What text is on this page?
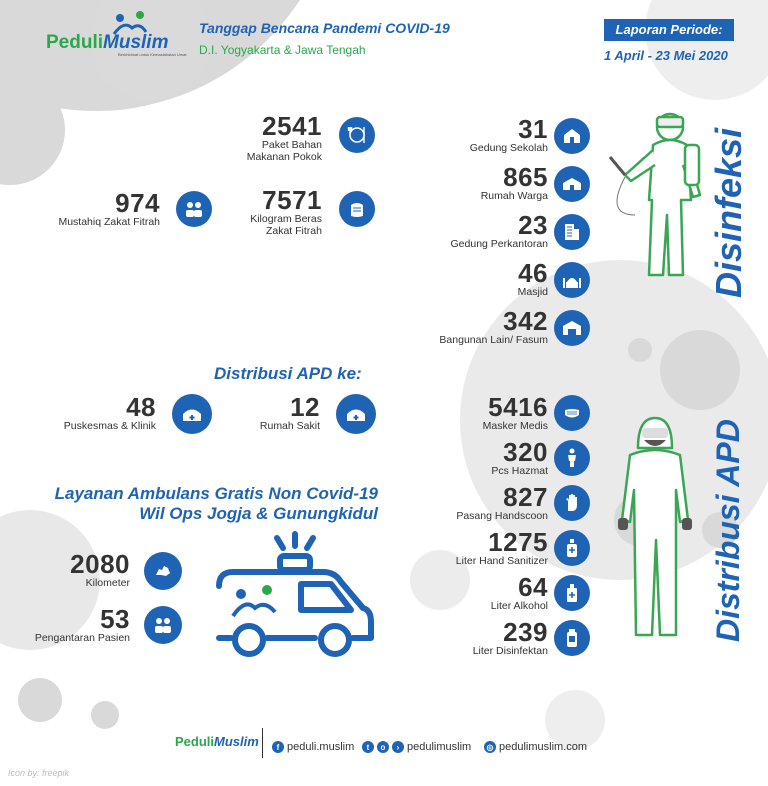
PeduliMuslim
Berkhidmat untuk Kemaslahatan Umat
Tanggap Bencana Pandemi COVID-19
D.I. Yogyakarta & Jawa Tengah
Laporan Periode:
1 April - 23 Mei 2020
2541
Paket Bahan
Makanan Pokok
974
Mustahiq Zakat Fitrah
7571
Kilogram Beras
Zakat Fitrah
31
Gedung Sekolah
865
Rumah Warga
23
Gedung Perkantoran
46
Masjid
342
Bangunan Lain/ Fasum
Disinfeksi
Distribusi APD ke:
48
Puskesmas & Klinik
12
Rumah Sakit
5416
Masker Medis
320
Pcs Hazmat
827
Pasang Handscoon
1275
Liter Hand Sanitizer
64
Liter Alkohol
239
Liter Disinfektan
Distribusi APD
Layanan Ambulans Gratis Non Covid-19
Wil Ops Jogja & Gunungkidul
2080
Kilometer
53
Pengantaran Pasien
PeduliMuslim	f peduli.muslim	t	o	› pedulimuslim	◎ pedulimuslim.com
Icon by: freepik
